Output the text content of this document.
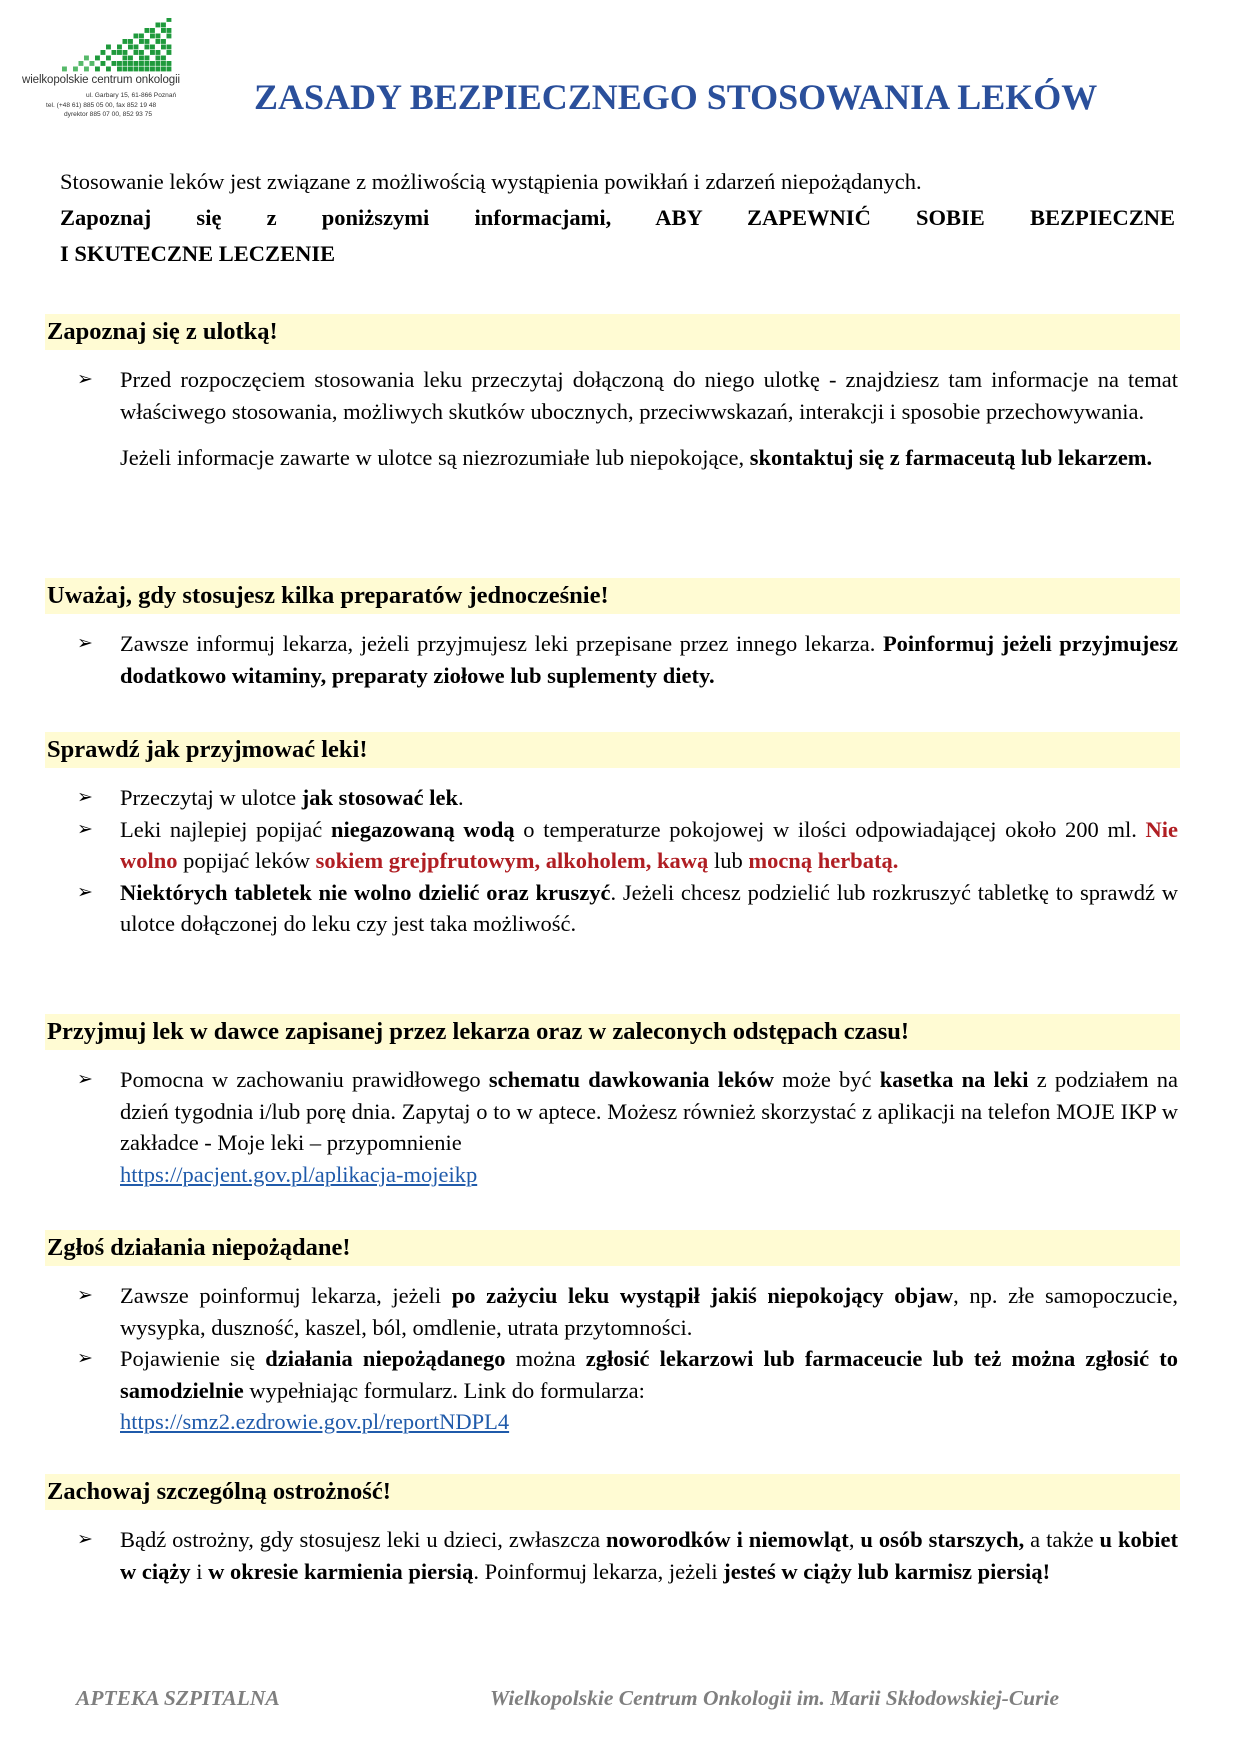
wielkopolskie centrum onkologii
ul. Garbary 15, 61-866 Poznań
tel. (+48 61) 885 05 00, fax 852 19 48
dyrektor 885 07 00, 852 93 75	ZASADY BEZPIECZNEGO STOSOWANIA LEKÓW

Stosowanie leków jest związane z możliwością wystąpienia powikłań i zdarzeń niepożądanych.

Zapoznaj się z poniższymi informacjami, ABY ZAPEWNIĆ SOBIE BEZPIECZNE

I SKUTECZNE LECZENIE

Zapoznaj się z ulotką!
➢ Przed rozpoczęciem stosowania leku przeczytaj dołączoną do niego ulotkę - znajdziesz tam informacje na temat właściwego stosowania, możliwych skutków ubocznych, przeciwwskazań, interakcji i sposobie przechowywania.
Jeżeli informacje zawarte w ulotce są niezrozumiałe lub niepokojące, skontaktuj się z farmaceutą lub lekarzem.
Uważaj, gdy stosujesz kilka preparatów jednocześnie!
➢ Zawsze informuj lekarza, jeżeli przyjmujesz leki przepisane przez innego lekarza. Poinformuj jeżeli przyjmujesz dodatkowo witaminy, preparaty ziołowe lub suplementy diety.
Sprawdź jak przyjmować leki!
➢ Przeczytaj w ulotce jak stosować lek.
➢ Leki najlepiej popijać niegazowaną wodą o temperaturze pokojowej w ilości odpowiadającej około 200 ml. Nie wolno popijać leków sokiem grejpfrutowym, alkoholem, kawą lub mocną herbatą.
➢ Niektórych tabletek nie wolno dzielić oraz kruszyć. Jeżeli chcesz podzielić lub rozkruszyć tabletkę to sprawdź w ulotce dołączonej do leku czy jest taka możliwość.
Przyjmuj lek w dawce zapisanej przez lekarza oraz w zaleconych odstępach czasu!
➢ Pomocna w zachowaniu prawidłowego schematu dawkowania leków może być kasetka na leki z podziałem na dzień tygodnia i/lub porę dnia. Zapytaj o to w aptece. Możesz również skorzystać z aplikacji na telefon MOJE IKP w zakładce - Moje leki – przypomnienie
https://pacjent.gov.pl/aplikacja-mojeikp
Zgłoś działania niepożądane!
➢ Zawsze poinformuj lekarza, jeżeli po zażyciu leku wystąpił jakiś niepokojący objaw, np. złe samopoczucie, wysypka, duszność, kaszel, ból, omdlenie, utrata przytomności.
➢ Pojawienie się działania niepożądanego można zgłosić lekarzowi lub farmaceucie lub też można zgłosić to samodzielnie wypełniając formularz. Link do formularza:
https://smz2.ezdrowie.gov.pl/reportNDPL4
Zachowaj szczególną ostrożność!
➢ Bądź ostrożny, gdy stosujesz leki u dzieci, zwłaszcza noworodków i niemowląt, u osób starszych, a także u kobiet w ciąży i w okresie karmienia piersią. Poinformuj lekarza, jeżeli jesteś w ciąży lub karmisz piersią!
APTEKA SZPITALNA	Wielkopolskie Centrum Onkologii im. Marii Skłodowskiej-Curie
